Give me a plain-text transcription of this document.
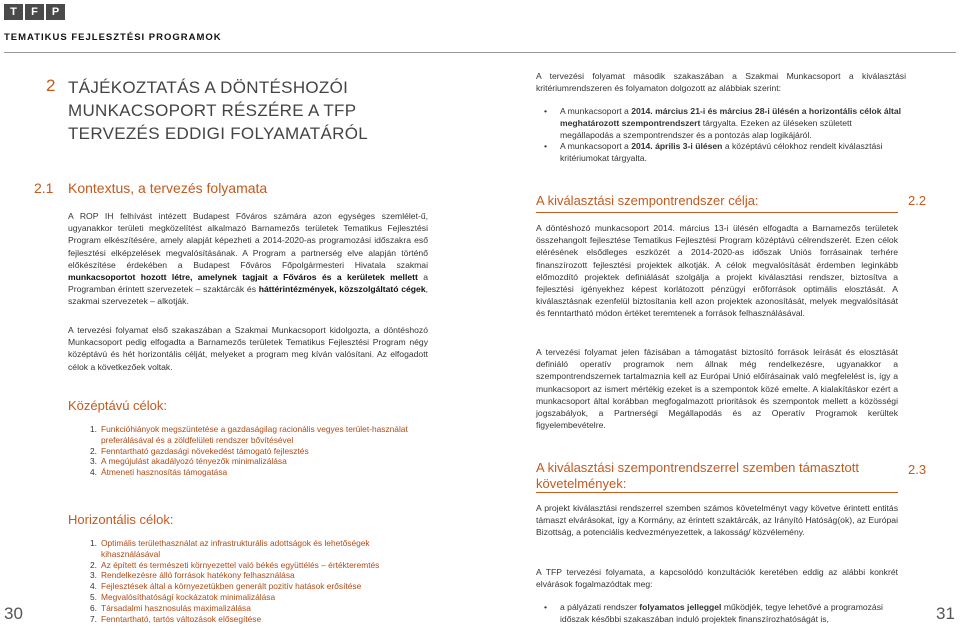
T	F	P
TEMATIKUS FEJLESZTÉSI PROGRAMOK
2 TÁJÉKOZTATÁS A DÖNTÉSHOZÓI MUNKACSOPORT RÉSZÉRE A TFP TERVEZÉS EDDIGI FOLYAMATÁRÓL
2.1 Kontextus, a tervezés folyamata
A ROP IH felhívást intézett Budapest Főváros számára azon egységes szemlélet-ű, ugyanakkor területi megközelítést alkalmazó Barnamezős területek Tematikus Fejlesztési Program elkészítésére, amely alapját képezheti a 2014-2020-as programozási időszakra eső fejlesztési elképzelések megvalósításának. A Program a partnerség elve alapján történő előkészítése érdekében a Budapest Főváros Főpolgármesteri Hivatala szakmai munkacsoportot hozott létre, amelynek tagjait a Főváros és a kerületek mellett a Programban érintett szervezetek – szaktárcák és háttérintézmények, közszolgáltató cégek, szakmai szervezetek – alkotják.
A tervezési folyamat első szakaszában a Szakmai Munkacsoport kidolgozta, a döntéshozó Munkacsoport pedig elfogadta a Barnamezős területek Tematikus Fejlesztési Program négy középtávú és hét horizontális célját, melyeket a program meg kíván valósítani. Az elfogadott célok a következőek voltak.
Középtávú célok:
1. Funkcióhiányok megszüntetése a gazdaságilag racionális vegyes terület-használat preferálásával és a zöldfelületi rendszer bővítésével
2. Fenntartható gazdasági növekedést támogató fejlesztés
3. A megújulást akadályozó tényezők minimalizálása
4. Átmeneti hasznosítás támogatása
Horizontális célok:
1. Optimális területhasználat az infrastrukturális adottságok és lehetőségek kihasználásával
2. Az épített és természeti környezettel való békés együttélés – értékteremtés
3. Rendelkezésre álló források hatékony felhasználása
4. Fejlesztések által a környezetükben generált pozitív hatások erősítése
5. Megvalósíthatóságí kockázatok minimalizálása
6. Társadalmi hasznosulás maximalizálása
7. Fenntartható, tartós változások elősegítése
30
A tervezési folyamat második szakaszában a Szakmai Munkacsoport a kiválasztási kritériumrendszeren és folyamaton dolgozott az alábbiak szerint:
•	A munkacsoport a 2014. március 21-i és március 28-i ülésén a horizontális célok által meghatározott szempontrendszert tárgyalta. Ezeken az üléseken született megállapodás a szempontrendszer és a pontozás alap logikájáról.
•	A munkacsoport a 2014. április 3-i ülésen a középtávú célokhoz rendelt kiválasztási kritériumokat tárgyalta.
A kiválasztási szempontrendszer célja:	2.2
A döntéshozó munkacsoport 2014. március 13-i ülésén elfogadta a Barnamezős területek összehangolt fejlesztése Tematikus Fejlesztési Program középtávú célrendszerét. Ezen célok elérésének elsődleges eszközét a 2014-2020-as időszak Uniós forrásainak terhére finanszírozott fejlesztési projektek alkotják. A célok megvalósítását érdemben leginkább előmozdító projektek definiálását szolgálja a projekt kiválasztási rendszer, biztosítva a fejlesztési igényekhez képest korlátozott pénzügyi erőforrások optimális elosztását. A kiválasztásnak ezenfelül biztosítania kell azon projektek azonosítását, melyek megvalósítását és fenntartható módon értéket teremtenek a források felhasználásával.
A tervezési folyamat jelen fázisában a támogatást biztosító források leírását és elosztását definiáló operatív programok nem állnak még rendelkezésre, ugyanakkor a szempontrendszernek tartalmaznia kell az Európai Unió előírásainak való megfelelést is, így a munkacsoport az ismert mértékig ezeket is a szempontok közé emelte. A kialakításkor ezért a munkacsoport által korábban megfogalmazott prioritások és szempontok mellett a közösségi jogszabályok, a Partnerségi Megállapodás és az Operatív Programok kerültek figyelembevételre.
A kiválasztási szempontrendszerrel szemben támasztott követelmények:
2.3
A projekt kiválasztási rendszerrel szemben számos követelményt vagy követve érintett entitás támaszt elvárásokat, így a Kormány, az érintett szaktárcák, az Irányító Hatóság(ok), az Európai Bizottság, a potenciális kedvezményezettek, a lakosság/ közvélemény.
A TFP tervezési folyamata, a kapcsolódó konzultációk keretében eddig az alábbi konkrét elvárások fogalmazódtak meg:
•	a pályázati rendszer folyamatos jelleggel működjék, tegye lehetővé a programozási időszak későbbi szakaszában induló projektek finanszírozhatóságát is,	31
